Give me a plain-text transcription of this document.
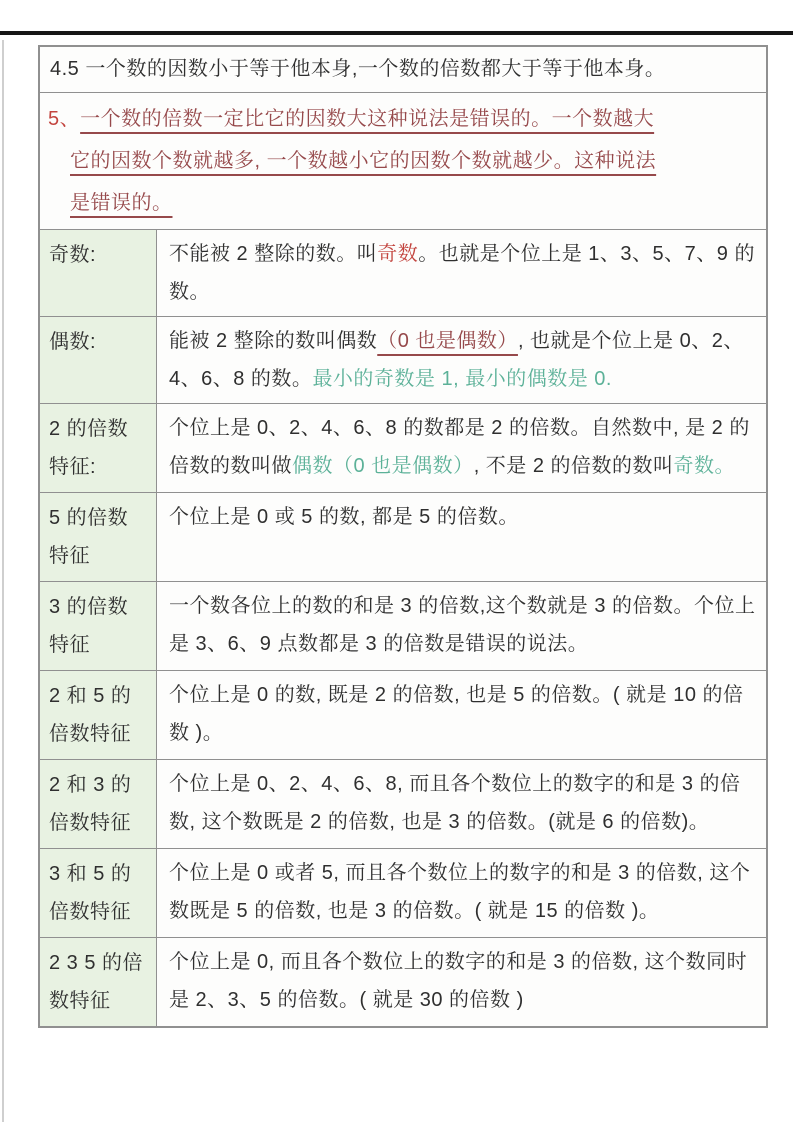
4.5 一个数的因数小于等于他本身,一个数的倍数都大于等于他本身。
5、一个数的倍数一定比它的因数大这种说法是错误的。一个数越大
它的因数个数就越多, 一个数越小它的因数个数就越少。这种说法
是错误的。
奇数:	不能被 2 整除的数。叫奇数。也就是个位上是 1、3、5、7、9 的数。
偶数:	能被 2 整除的数叫偶数（0 也是偶数）, 也就是个位上是 0、2、4、6、8 的数。最小的奇数是 1, 最小的偶数是 0.
2 的倍数
特征:
个位上是 0、2、4、6、8 的数都是 2 的倍数。自然数中, 是 2 的倍数的数叫做偶数（0 也是偶数）, 不是 2 的倍数的数叫奇数。
5 的倍数
特征
个位上是 0 或 5 的数, 都是 5 的倍数。
3 的倍数
特征
一个数各位上的数的和是 3 的倍数,这个数就是 3 的倍数。个位上是 3、6、9 点数都是 3 的倍数是错误的说法。
2 和 5 的
倍数特征
个位上是 0 的数, 既是 2 的倍数, 也是 5 的倍数。( 就是 10 的倍数 )。
2 和 3 的
倍数特征
个位上是 0、2、4、6、8, 而且各个数位上的数字的和是 3 的倍数, 这个数既是 2 的倍数, 也是 3 的倍数。(就是 6 的倍数)。
3 和 5 的
倍数特征
个位上是 0 或者 5, 而且各个数位上的数字的和是 3 的倍数, 这个数既是 5 的倍数, 也是 3 的倍数。( 就是 15 的倍数 )。
2 3 5 的倍
数特征
个位上是 0, 而且各个数位上的数字的和是 3 的倍数, 这个数同时是 2、3、5 的倍数。( 就是 30 的倍数 )
